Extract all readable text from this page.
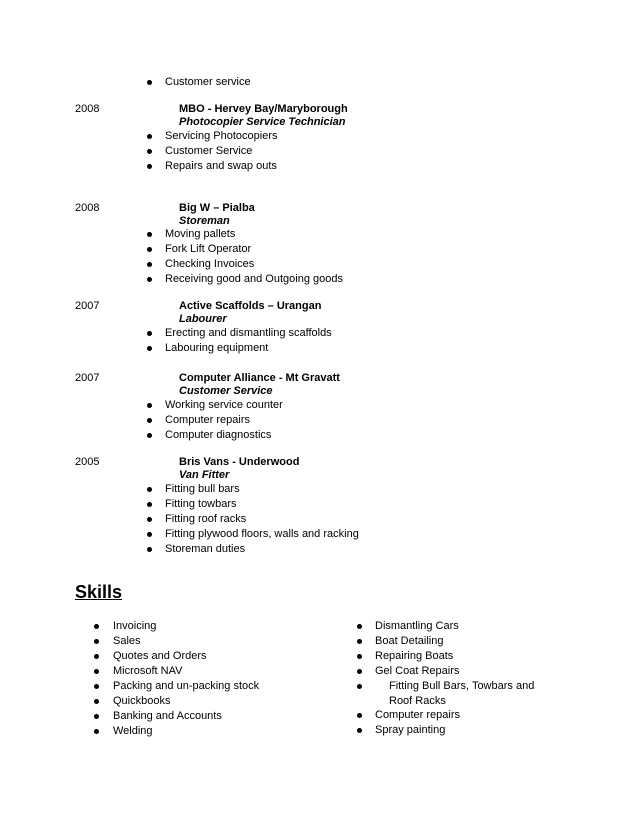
Customer service
2008	MBO - Hervey Bay/Maryborough
Photocopier Service Technician
Servicing Photocopiers
Customer Service
Repairs and swap outs
2008	Big W – Pialba
Storeman
Moving pallets
Fork Lift Operator
Checking Invoices
Receiving good and Outgoing goods
2007	Active Scaffolds – Urangan
Labourer
Erecting and dismantling scaffolds
Labouring equipment
2007	Computer Alliance - Mt Gravatt
Customer Service
Working service counter
Computer repairs
Computer diagnostics
2005	Bris Vans - Underwood
Van Fitter
Fitting bull bars
Fitting towbars
Fitting roof racks
Fitting plywood floors, walls and racking
Storeman duties
Skills
Invoicing
Sales
Quotes and Orders
Microsoft NAV
Packing and un-packing stock
Quickbooks
Banking and Accounts
Welding
Dismantling Cars
Boat Detailing
Repairing Boats
Gel Coat Repairs
Fitting Bull Bars, Towbars and
Roof Racks
Computer repairs
Spray painting
